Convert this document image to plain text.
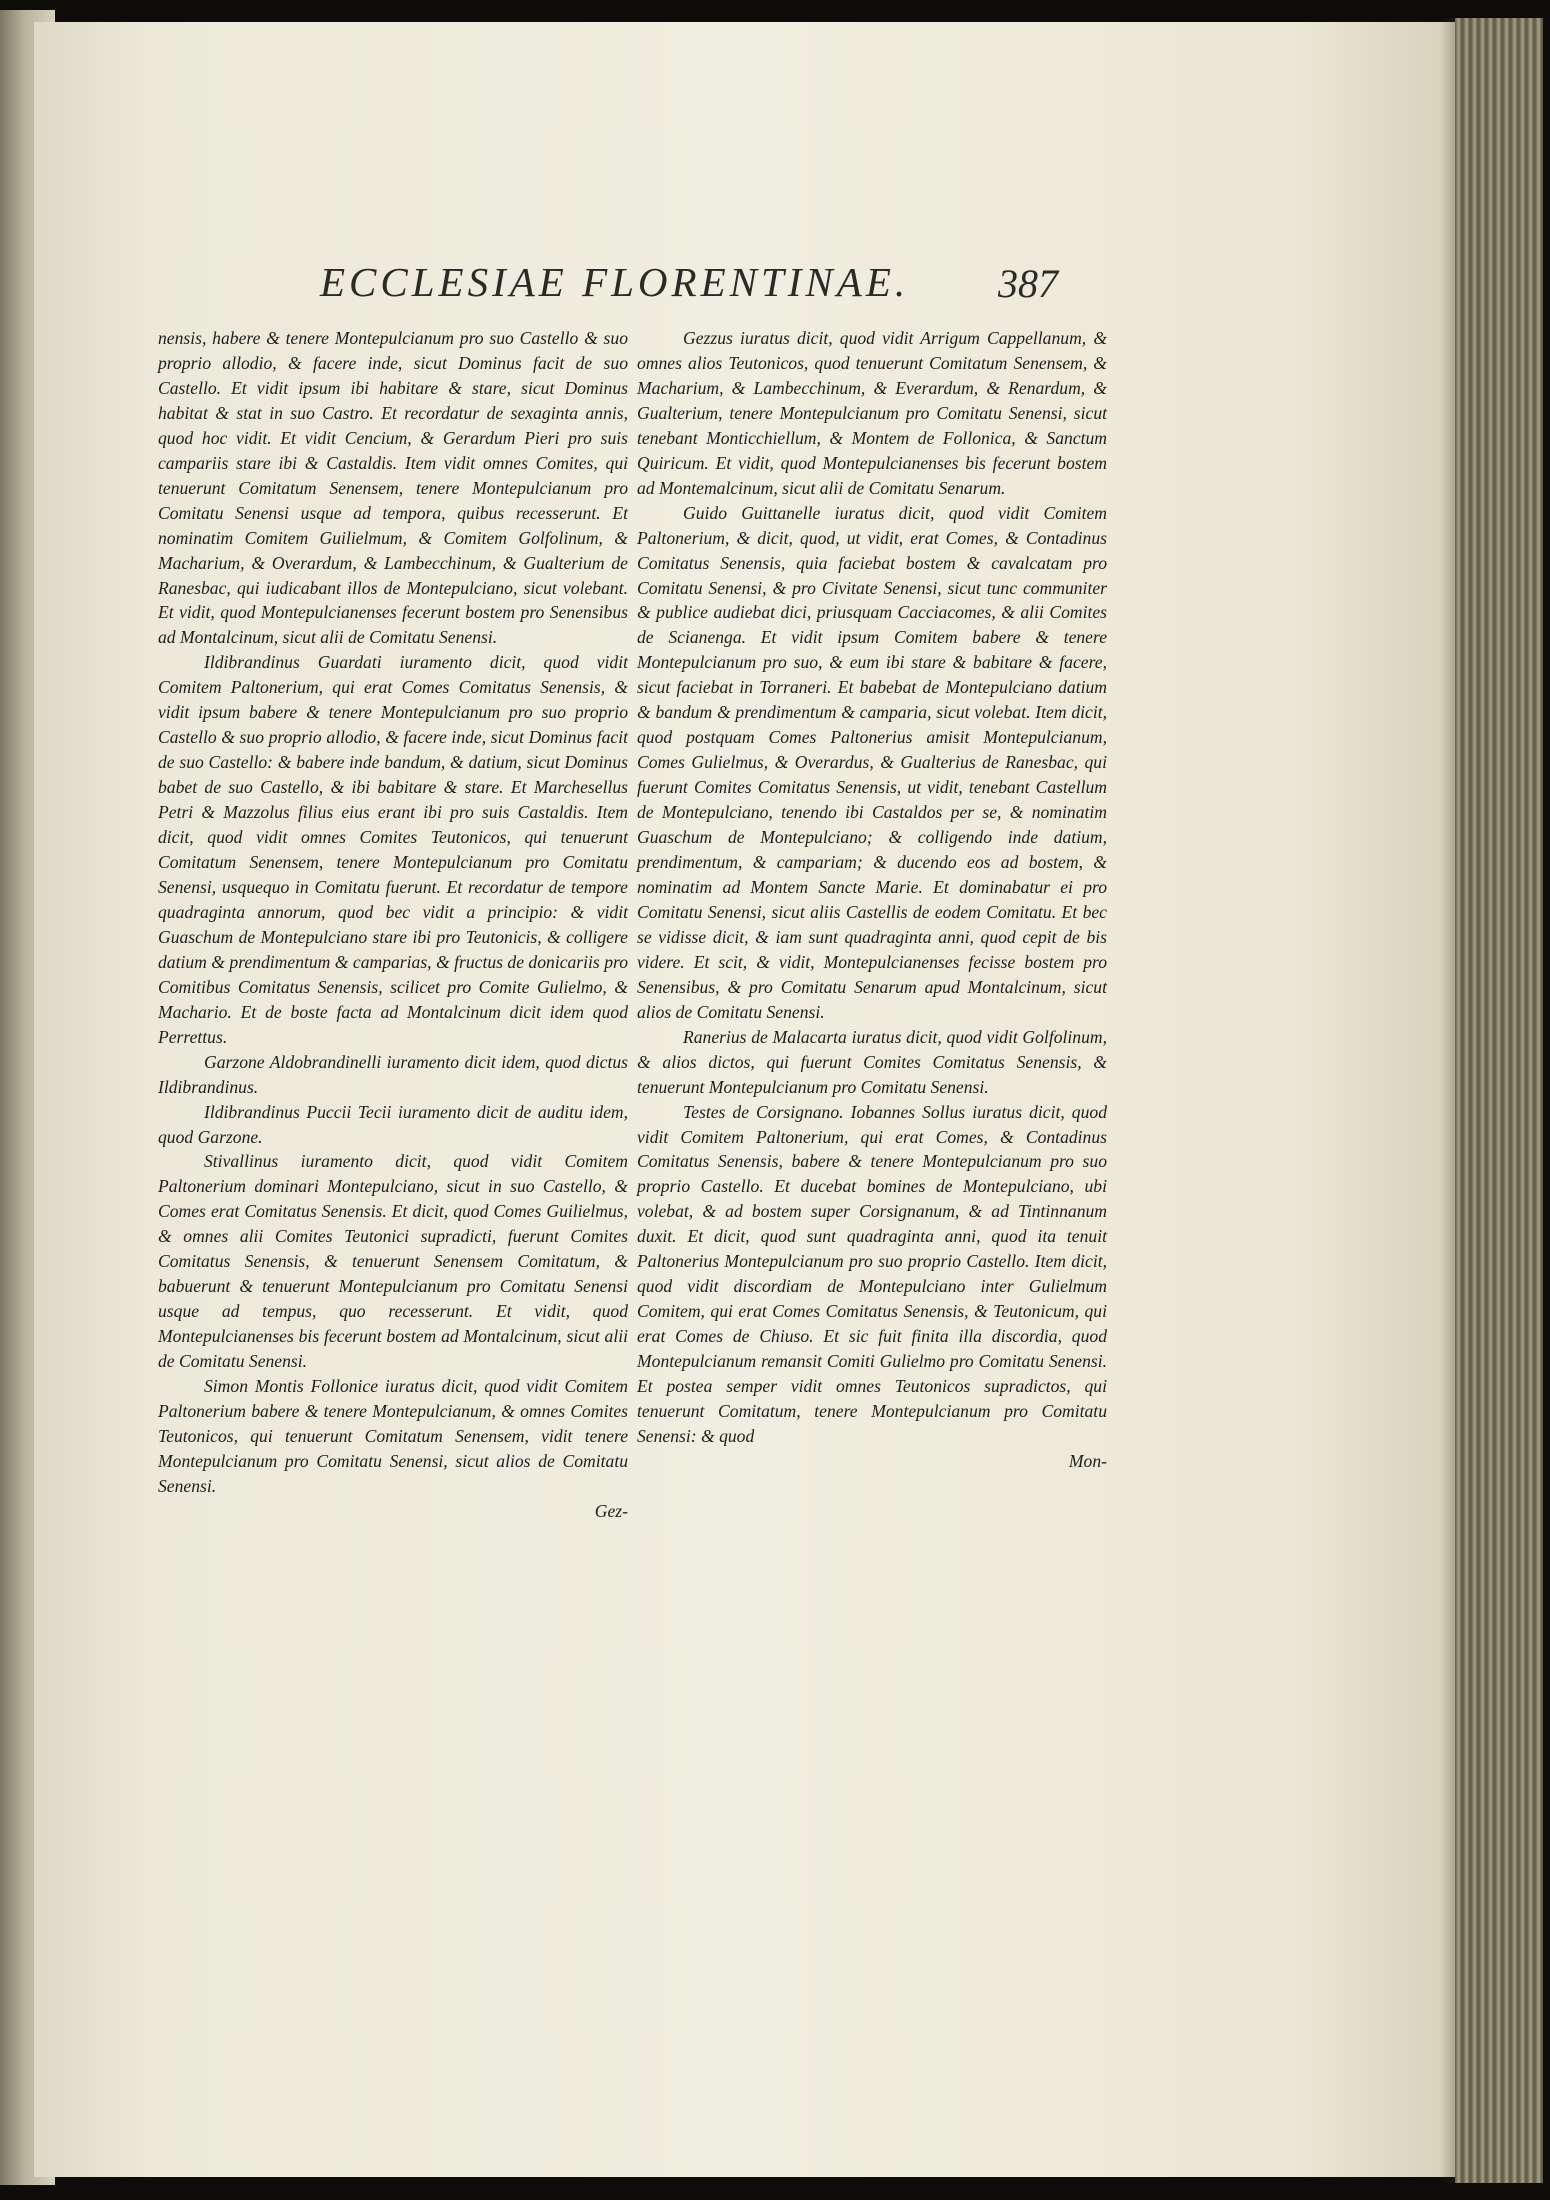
ECCLESIAE FLORENTINAE. 387

nensis, habere & tenere Montepulcianum pro suo Castello & suo proprio allodio, & facere inde, sicut Dominus facit de suo Castello. Et vidit ipsum ibi habitare & stare, sicut Dominus habitat & stat in suo Castro. Et recordatur de sexaginta annis, quod hoc vidit. Et vidit Cencium, & Gerardum Pieri pro suis campariis stare ibi & Castaldis. Item vidit omnes Comites, qui tenuerunt Comitatum Senensem, tenere Montepulcianum pro Comitatu Senensi usque ad tempora, quibus recesserunt. Et nominatim Comitem Guilielmum, & Comitem Golfolinum, & Macharium, & Overardum, & Lambecchinum, & Gualterium de Ranesbac, qui iudicabant illos de Montepulciano, sicut volebant. Et vidit, quod Montepulcianenses fecerunt bostem pro Senensibus ad Montalcinum, sicut alii de Comitatu Senensi.

Ildibrandinus Guardati iuramento dicit, quod vidit Comitem Paltonerium, qui erat Comes Comitatus Senensis, & vidit ipsum babere & tenere Montepulcianum pro suo proprio Castello & suo proprio allodio, & facere inde, sicut Dominus facit de suo Castello: & babere inde bandum, & datium, sicut Dominus babet de suo Castello, & ibi babitare & stare. Et Marchesellus Petri & Mazzolus filius eius erant ibi pro suis Castaldis. Item dicit, quod vidit omnes Comites Teutonicos, qui tenuerunt Comitatum Senensem, tenere Montepulcianum pro Comitatu Senensi, usquequo in Comitatu fuerunt. Et recordatur de tempore quadraginta annorum, quod bec vidit a principio: & vidit Guaschum de Montepulciano stare ibi pro Teutonicis, & colligere datium & prendimentum & camparias, & fructus de donicariis pro Comitibus Comitatus Senensis, scilicet pro Comite Gulielmo, & Machario. Et de boste facta ad Montalcinum dicit idem quod Perrettus.

Garzone Aldobrandinelli iuramento dicit idem, quod dictus Ildibrandinus.

Ildibrandinus Puccii Tecii iuramento dicit de auditu idem, quod Garzone.

Stivallinus iuramento dicit, quod vidit Comitem Paltonerium dominari Montepulciano, sicut in suo Castello, & Comes erat Comitatus Senensis. Et dicit, quod Comes Guilielmus, & omnes alii Comites Teutonici supradicti, fuerunt Comites Comitatus Senensis, & tenuerunt Senensem Comitatum, & babuerunt & tenuerunt Montepulcianum pro Comitatu Senensi usque ad tempus, quo recesserunt. Et vidit, quod Montepulcianenses bis fecerunt bostem ad Montalcinum, sicut alii de Comitatu Senensi.

Simon Montis Follonice iuratus dicit, quod vidit Comitem Paltonerium babere & tenere Montepulcianum, & omnes Comites Teutonicos, qui tenuerunt Comitatum Senensem, vidit tenere Montepulcianum pro Comitatu Senensi, sicut alios de Comitatu Senensi.

Gez-

Gezzus iuratus dicit, quod vidit Arrigum Cappellanum, & omnes alios Teutonicos, quod tenuerunt Comitatum Senensem, & Macharium, & Lambecchinum, & Everardum, & Renardum, & Gualterium, tenere Montepulcianum pro Comitatu Senensi, sicut tenebant Monticchiellum, & Montem de Follonica, & Sanctum Quiricum. Et vidit, quod Montepulcianenses bis fecerunt bostem ad Montemalcinum, sicut alii de Comitatu Senarum.

Guido Guittanelle iuratus dicit, quod vidit Comitem Paltonerium, & dicit, quod, ut vidit, erat Comes, & Contadinus Comitatus Senensis, quia faciebat bostem & cavalcatam pro Comitatu Senensi, & pro Civitate Senensi, sicut tunc communiter & publice audiebat dici, priusquam Cacciacomes, & alii Comites de Scianenga. Et vidit ipsum Comitem babere & tenere Montepulcianum pro suo, & eum ibi stare & babitare & facere, sicut faciebat in Torraneri. Et babebat de Montepulciano datium & bandum & prendimentum & camparia, sicut volebat. Item dicit, quod postquam Comes Paltonerius amisit Montepulcianum, Comes Gulielmus, & Overardus, & Gualterius de Ranesbac, qui fuerunt Comites Comitatus Senensis, ut vidit, tenebant Castellum de Montepulciano, tenendo ibi Castaldos per se, & nominatim Guaschum de Montepulciano; & colligendo inde datium, prendimentum, & campariam; & ducendo eos ad bostem, & nominatim ad Montem Sancte Marie. Et dominabatur ei pro Comitatu Senensi, sicut aliis Castellis de eodem Comitatu. Et bec se vidisse dicit, & iam sunt quadraginta anni, quod cepit de bis videre. Et scit, & vidit, Montepulcianenses fecisse bostem pro Senensibus, & pro Comitatu Senarum apud Montalcinum, sicut alios de Comitatu Senensi.

Ranerius de Malacarta iuratus dicit, quod vidit Golfolinum, & alios dictos, qui fuerunt Comites Comitatus Senensis, & tenuerunt Montepulcianum pro Comitatu Senensi.

Testes de Corsignano. Iobannes Sollus iuratus dicit, quod vidit Comitem Paltonerium, qui erat Comes, & Contadinus Comitatus Senensis, babere & tenere Montepulcianum pro suo proprio Castello. Et ducebat bomines de Montepulciano, ubi volebat, & ad bostem super Corsignanum, & ad Tintinnanum duxit. Et dicit, quod sunt quadraginta anni, quod ita tenuit Paltonerius Montepulcianum pro suo proprio Castello. Item dicit, quod vidit discordiam de Montepulciano inter Gulielmum Comitem, qui erat Comes Comitatus Senensis, & Teutonicum, qui erat Comes de Chiuso. Et sic fuit finita illa discordia, quod Montepulcianum remansit Comiti Gulielmo pro Comitatu Senensi. Et postea semper vidit omnes Teutonicos supradictos, qui tenuerunt Comitatum, tenere Montepulcianum pro Comitatu Senensi: & quod

Mon-
